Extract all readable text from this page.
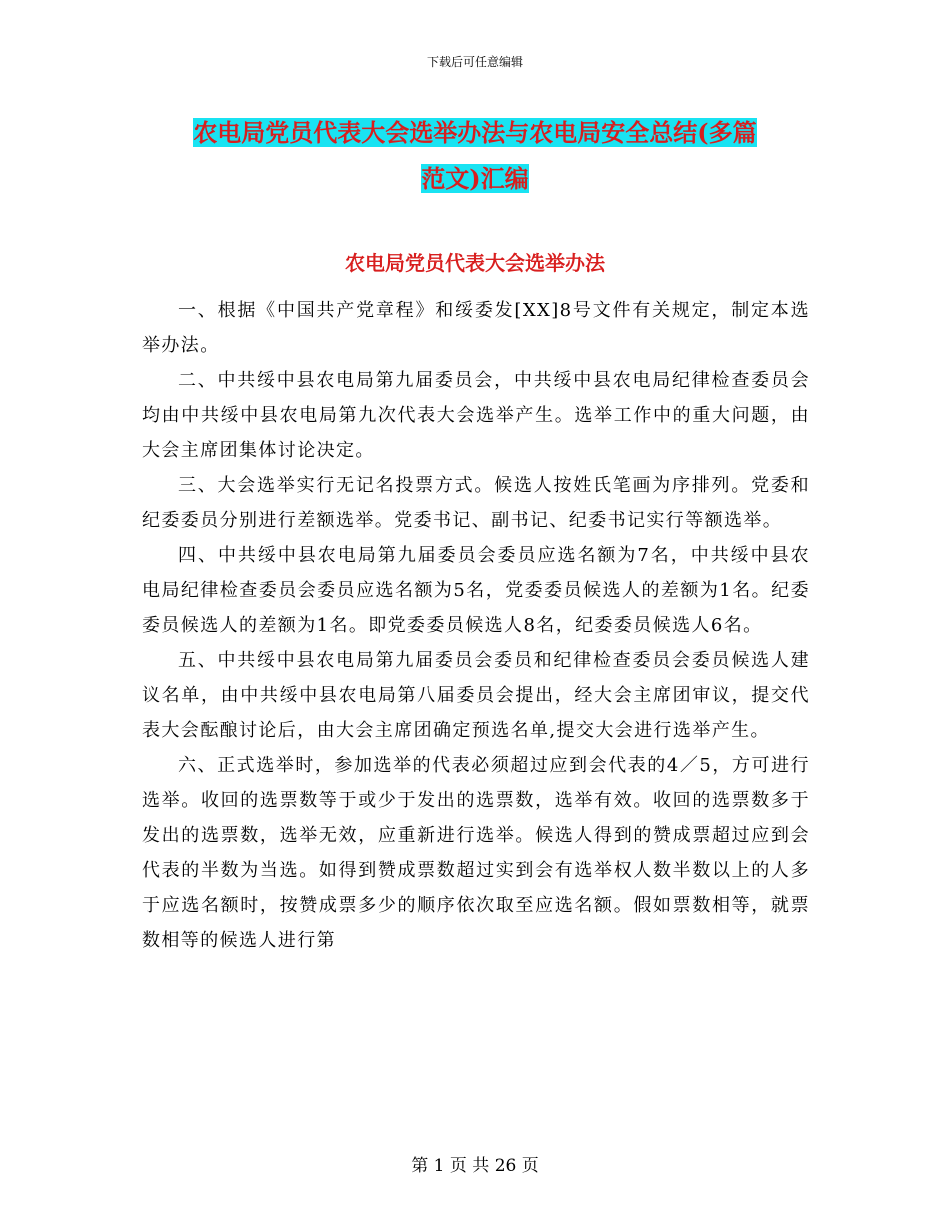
下载后可任意编辑
农电局党员代表大会选举办法与农电局安全总结(多篇
范文)汇编
农电局党员代表大会选举办法

一、根据《中国共产党章程》和绥委发[XX]8号文件有关规定，制定本选举办法。

二、中共绥中县农电局第九届委员会，中共绥中县农电局纪律检查委员会均由中共绥中县农电局第九次代表大会选举产生。选举工作中的重大问题，由大会主席团集体讨论决定。

三、大会选举实行无记名投票方式。候选人按姓氏笔画为序排列。党委和纪委委员分别进行差额选举。党委书记、副书记、纪委书记实行等额选举。

四、中共绥中县农电局第九届委员会委员应选名额为7名，中共绥中县农电局纪律检查委员会委员应选名额为5名，党委委员候选人的差额为1名。纪委委员候选人的差额为1名。即党委委员候选人8名，纪委委员候选人6名。

五、中共绥中县农电局第九届委员会委员和纪律检查委员会委员候选人建议名单，由中共绥中县农电局第八届委员会提出，经大会主席团审议，提交代表大会酝酿讨论后，由大会主席团确定预选名单,提交大会进行选举产生。

六、正式选举时，参加选举的代表必须超过应到会代表的4／5，方可进行选举。收回的选票数等于或少于发出的选票数，选举有效。收回的选票数多于发出的选票数，选举无效，应重新进行选举。候选人得到的赞成票超过应到会代表的半数为当选。如得到赞成票数超过实到会有选举权人数半数以上的人多于应选名额时，按赞成票多少的顺序依次取至应选名额。假如票数相等，就票数相等的候选人进行第

第 1 页 共 26 页
